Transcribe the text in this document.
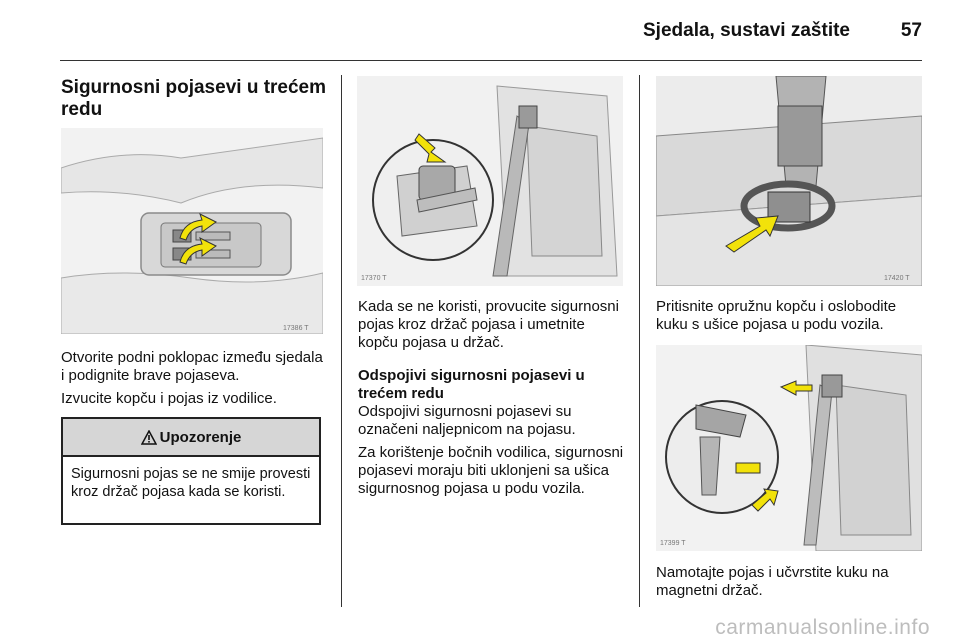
Sjedala, sustavi zaštite	57
Sigurnosni pojasevi u trećem redu
17386 T

Otvorite podni poklopac između sjedala i podignite brave pojaseva.

Izvucite kopču i pojas iz vodilice.

Upozorenje
Sigurnosni pojas se ne smije provesti kroz držač pojasa kada se koristi.
17370 T

Kada se ne koristi, provucite sigurnosni pojas kroz držač pojasa i umetnite kopču pojasa u držač.

Odspojivi sigurnosni pojasevi u trećem redu

Odspojivi sigurnosni pojasevi su označeni naljepnicom na pojasu.

Za korištenje bočnih vodilica, sigurnosni pojasevi moraju biti uklonjeni sa ušica sigurnosnog pojasa u podu vozila.

17420 T

Pritisnite opružnu kopču i oslobodite kuku s ušice pojasa u podu vozila.

17399 T

Namotajte pojas i učvrstite kuku na magnetni držač.

carmanualsonline.info
